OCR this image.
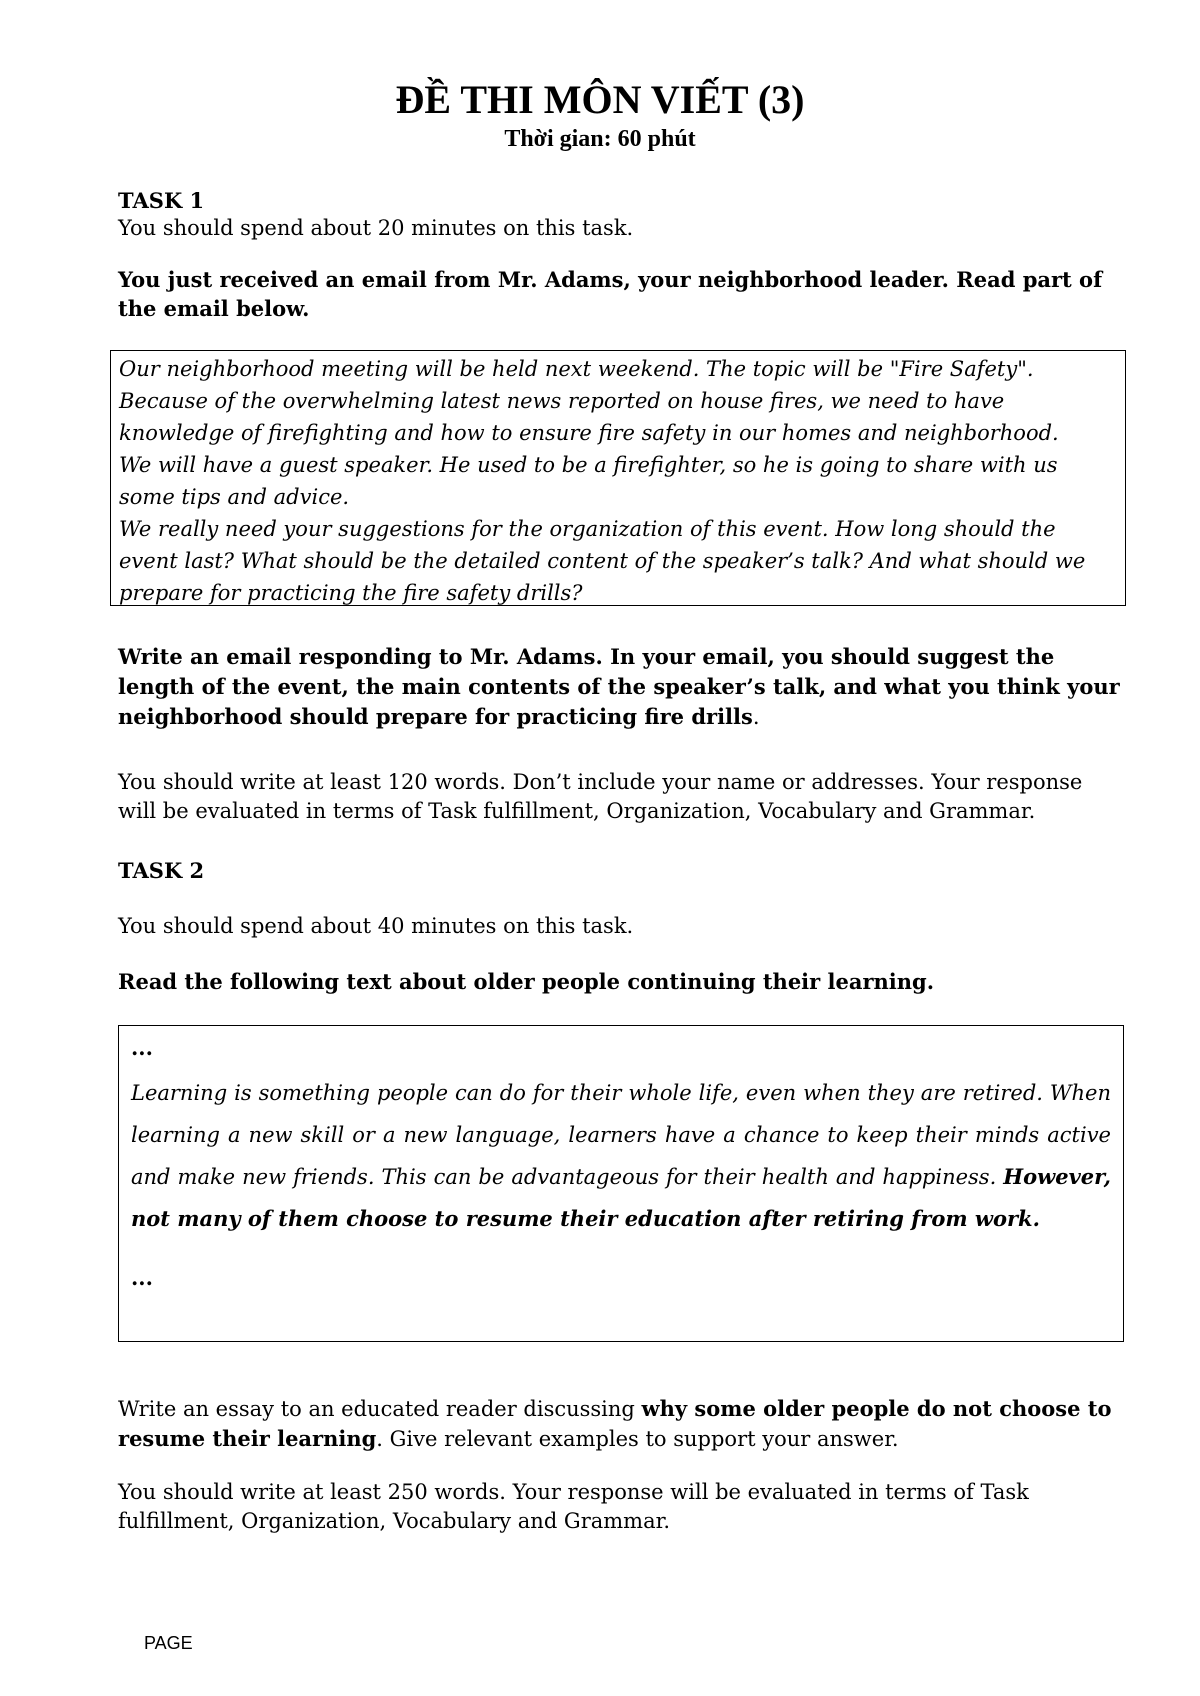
ĐỀ THI MÔN VIẾT (3)
Thời gian: 60 phút
TASK 1
You should spend about 20 minutes on this task.
You just received an email from Mr. Adams, your neighborhood leader. Read part of the email below.

Our neighborhood meeting will be held next weekend. The topic will be "Fire Safety". Because of the overwhelming latest news reported on house fires, we need to have knowledge of firefighting and how to ensure fire safety in our homes and neighborhood.

We will have a guest speaker. He used to be a firefighter, so he is going to share with us some tips and advice.

We really need your suggestions for the organization of this event. How long should the event last? What should be the detailed content of the speaker’s talk? And what should we prepare for practicing the fire safety drills?

Write an email responding to Mr. Adams. In your email, you should suggest the length of the event, the main contents of the speaker’s talk, and what you think your neighborhood should prepare for practicing fire drills.
You should write at least 120 words. Don’t include your name or addresses. Your response will be evaluated in terms of Task fulfillment, Organization, Vocabulary and Grammar.
TASK 2
You should spend about 40 minutes on this task.
Read the following text about older people continuing their learning.

...

Learning is something people can do for their whole life, even when they are retired. When learning a new skill or a new language, learners have a chance to keep their minds active and make new friends. This can be advantageous for their health and happiness. However, not many of them choose to resume their education after retiring from work.

...

Write an essay to an educated reader discussing why some older people do not choose to resume their learning. Give relevant examples to support your answer.
You should write at least 250 words. Your response will be evaluated in terms of Task fulfillment, Organization, Vocabulary and Grammar.
PAGE
